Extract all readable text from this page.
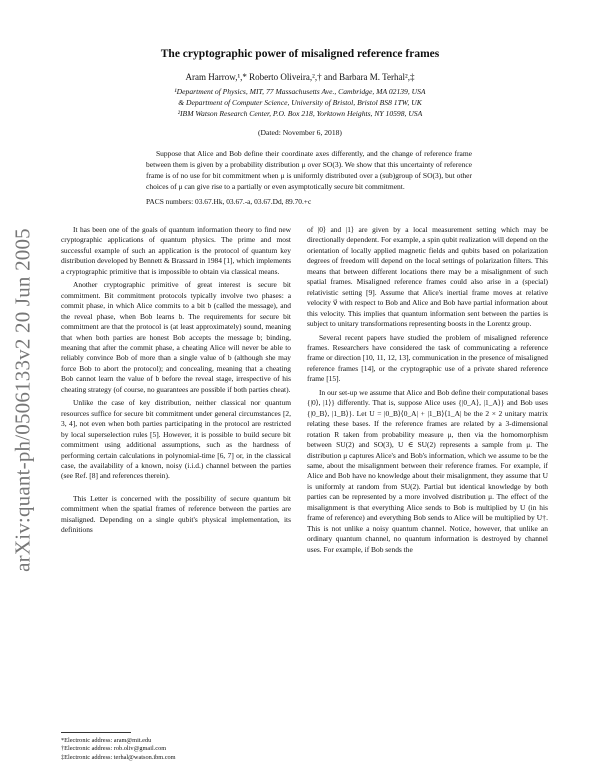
arXiv:quant-ph/0506133v2 20 Jun 2005
The cryptographic power of misaligned reference frames
Aram Harrow,¹,* Roberto Oliveira,²,† and Barbara M. Terhal²,‡
¹Department of Physics, MIT, 77 Massachusetts Ave., Cambridge, MA 02139, USA
& Department of Computer Science, University of Bristol, Bristol BS8 1TW, UK
²IBM Watson Research Center, P.O. Box 218, Yorktown Heights, NY 10598, USA
(Dated: November 6, 2018)
Suppose that Alice and Bob define their coordinate axes differently, and the change of reference frame between them is given by a probability distribution μ over SO(3). We show that this uncertainty of reference frame is of no use for bit commitment when μ is uniformly distributed over a (sub)group of SO(3), but other choices of μ can give rise to a partially or even asymptotically secure bit commitment.
PACS numbers: 03.67.Hk, 03.67.-a, 03.67.Dd, 89.70.+c

It has been one of the goals of quantum information theory to find new cryptographic applications of quantum physics. The prime and most successful example of such an application is the protocol of quantum key distribution developed by Bennett & Brassard in 1984 [1], which implements a cryptographic primitive that is impossible to obtain via classical means.

Another cryptographic primitive of great interest is secure bit commitment. Bit commitment protocols typically involve two phases: a commit phase, in which Alice commits to a bit b (called the message), and the reveal phase, when Bob learns b. The requirements for secure bit commitment are that the protocol is (at least approximately) sound, meaning that when both parties are honest Bob accepts the message b; binding, meaning that after the commit phase, a cheating Alice will never be able to reliably convince Bob of more than a single value of b (although she may force Bob to abort the protocol); and concealing, meaning that a cheating Bob cannot learn the value of b before the reveal stage, irrespective of his cheating strategy (of course, no guarantees are possible if both parties cheat).

Unlike the case of key distribution, neither classical nor quantum resources suffice for secure bit commitment under general circumstances [2, 3, 4], not even when both parties participating in the protocol are restricted by local superselection rules [5]. However, it is possible to build secure bit commitment using additional assumptions, such as the hardness of performing certain calculations in polynomial-time [6, 7] or, in the classical case, the availability of a known, noisy (i.i.d.) channel between the parties (see Ref. [8] and references therein).

This Letter is concerned with the possibility of secure quantum bit commitment when the spatial frames of reference between the parties are misaligned. Depending on a single qubit's physical implementation, its definitions

of |0⟩ and |1⟩ are given by a local measurement setting which may be directionally dependent. For example, a spin qubit realization will depend on the orientation of locally applied magnetic fields and qubits based on polarization degrees of freedom will depend on the local settings of polarization filters. This means that between different locations there may be a misalignment of such spatial frames. Misaligned reference frames could also arise in a (special) relativistic setting [9]. Assume that Alice's inertial frame moves at relative velocity v⃗ with respect to Bob and Alice and Bob have partial information about this velocity. This implies that quantum information sent between the parties is subject to unitary transformations representing boosts in the Lorentz group.

Several recent papers have studied the problem of misaligned reference frames. Researchers have considered the task of communicating a reference frame or direction [10, 11, 12, 13], communication in the presence of misaligned reference frames [14], or the cryptographic use of a private shared reference frame [15].

In our set-up we assume that Alice and Bob define their computational bases {|0⟩, |1⟩} differently. That is, suppose Alice uses {|0_A⟩, |1_A⟩} and Bob uses {|0_B⟩, |1_B⟩}. Let U = |0_B⟩⟨0_A| + |1_B⟩⟨1_A| be the 2 × 2 unitary matrix relating these bases. If the reference frames are related by a 3-dimensional rotation R taken from probability measure μ, then via the homomorphism between SU(2) and SO(3), U ∈ SU(2) represents a sample from μ. The distribution μ captures Alice's and Bob's information, which we assume to be the same, about the misalignment between their reference frames. For example, if Alice and Bob have no knowledge about their misalignment, they assume that U is uniformly at random from SU(2). Partial but identical knowledge by both parties can be represented by a more involved distribution μ. The effect of the misalignment is that everything Alice sends to Bob is multiplied by U (in his frame of reference) and everything Bob sends to Alice will be multiplied by U†. This is not unlike a noisy quantum channel. Notice, however, that unlike an ordinary quantum channel, no quantum information is destroyed by channel uses. For example, if Bob sends the

*Electronic address: aram@mit.edu
†Electronic address: rob.oliv@gmail.com
‡Electronic address: terhal@watson.ibm.com
